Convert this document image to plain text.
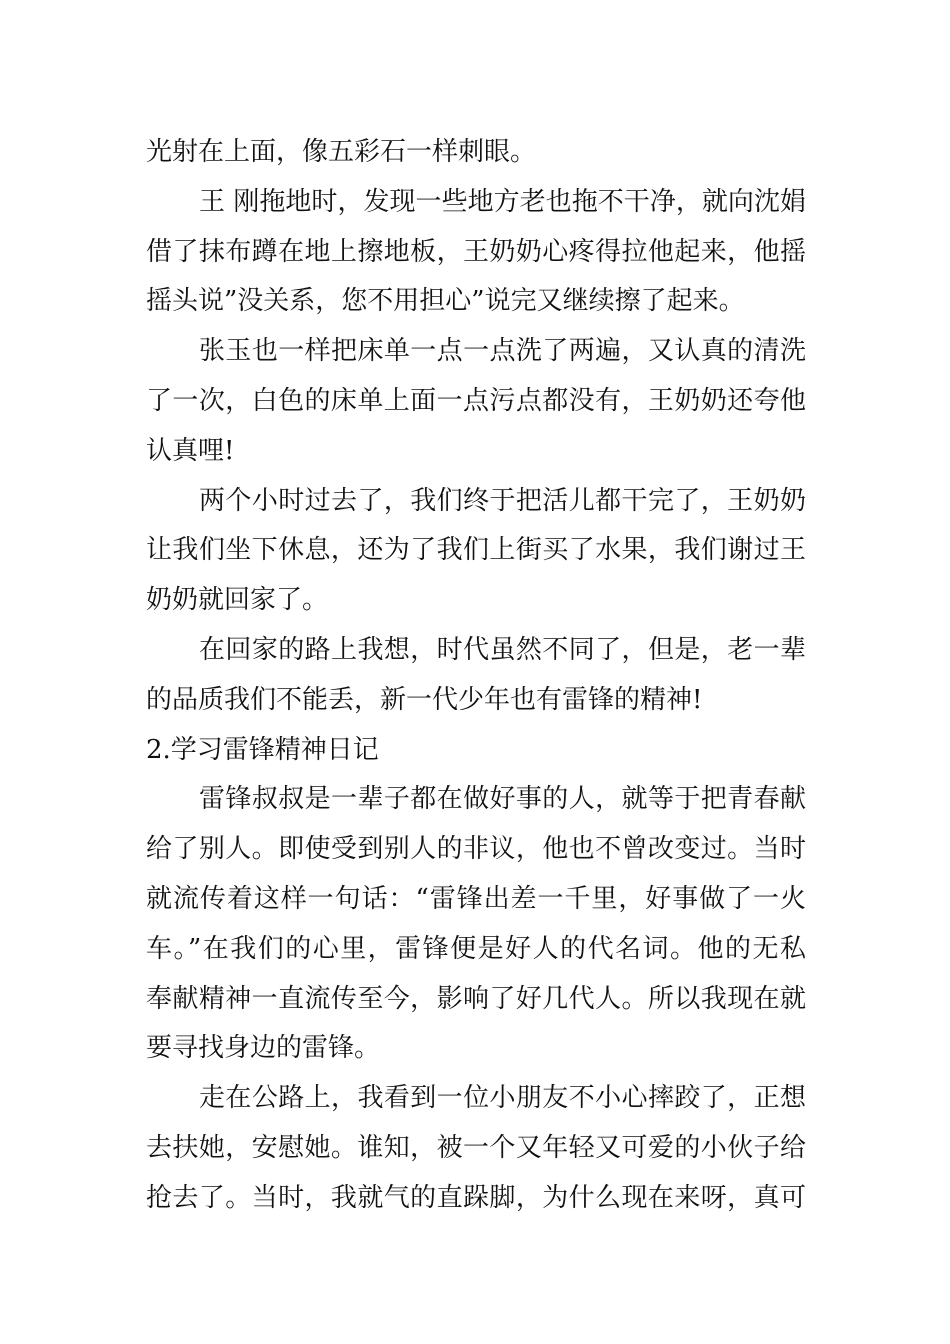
光射在上面，像五彩石一样刺眼。
王 刚拖地时，发现一些地方老也拖不干净，就向沈娟
借了抹布蹲在地上擦地板，王奶奶心疼得拉他起来，他摇
摇头说”没关系，您不用担心”说完又继续擦了起来。
张玉也一样把床单一点一点洗了两遍，又认真的清洗
了一次，白色的床单上面一点污点都没有，王奶奶还夸他
认真哩!
两个小时过去了，我们终于把活儿都干完了，王奶奶
让我们坐下休息，还为了我们上街买了水果，我们谢过王
奶奶就回家了。
在回家的路上我想，时代虽然不同了，但是，老一辈
的品质我们不能丢，新一代少年也有雷锋的精神!
2.学习雷锋精神日记
雷锋叔叔是一辈子都在做好事的人，就等于把青春献
给了别人。即使受到别人的非议，他也不曾改变过。当时
就流传着这样一句话：“雷锋出差一千里，好事做了一火
车。”在我们的心里，雷锋便是好人的代名词。他的无私
奉献精神一直流传至今，影响了好几代人。所以我现在就
要寻找身边的雷锋。
走在公路上，我看到一位小朋友不小心摔跤了，正想
去扶她，安慰她。谁知，被一个又年轻又可爱的小伙子给
抢去了。当时，我就气的直跺脚，为什么现在来呀，真可
